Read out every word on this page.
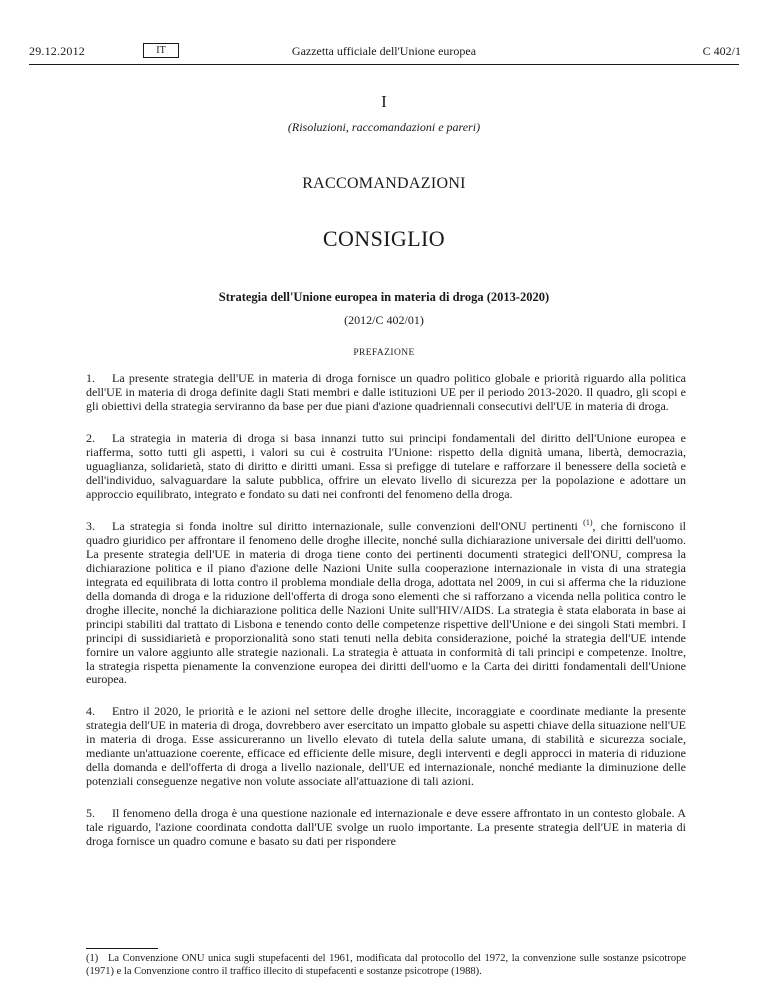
29.12.2012	IT	Gazzetta ufficiale dell'Unione europea	C 402/1
I
(Risoluzioni, raccomandazioni e pareri)
RACCOMANDAZIONI
CONSIGLIO
Strategia dell'Unione europea in materia di droga (2013-2020)
(2012/C 402/01)
PREFAZIONE
1. La presente strategia dell'UE in materia di droga fornisce un quadro politico globale e priorità riguardo alla politica dell'UE in materia di droga definite dagli Stati membri e dalle istituzioni UE per il periodo 2013-2020. Il quadro, gli scopi e gli obiettivi della strategia serviranno da base per due piani d'azione quadriennali consecutivi dell'UE in materia di droga.
2. La strategia in materia di droga si basa innanzi tutto sui principi fondamentali del diritto dell'Unione europea e riafferma, sotto tutti gli aspetti, i valori su cui è costruita l'Unione: rispetto della dignità umana, libertà, democrazia, uguaglianza, solidarietà, stato di diritto e diritti umani. Essa si prefigge di tutelare e rafforzare il benessere della società e dell'individuo, salvaguardare la salute pubblica, offrire un elevato livello di sicurezza per la popolazione e adottare un approccio equilibrato, integrato e fondato su dati nei confronti del fenomeno della droga.
3. La strategia si fonda inoltre sul diritto internazionale, sulle convenzioni dell'ONU pertinenti $^{(1)}$, che forniscono il quadro giuridico per affrontare il fenomeno delle droghe illecite, nonché sulla dichiarazione universale dei diritti dell'uomo. La presente strategia dell'UE in materia di droga tiene conto dei pertinenti documenti strategici dell'ONU, compresa la dichiarazione politica e il piano d'azione delle Nazioni Unite sulla cooperazione internazionale in vista di una strategia integrata ed equilibrata di lotta contro il problema mondiale della droga, adottata nel 2009, in cui si afferma che la riduzione della domanda di droga e la riduzione dell'offerta di droga sono elementi che si rafforzano a vicenda nella politica contro le droghe illecite, nonché la dichiarazione politica delle Nazioni Unite sull'HIV/AIDS. La strategia è stata elaborata in base ai principi stabiliti dal trattato di Lisbona e tenendo conto delle competenze rispettive dell'Unione e dei singoli Stati membri. I principi di sussidiarietà e proporzionalità sono stati tenuti nella debita considerazione, poiché la strategia dell'UE intende fornire un valore aggiunto alle strategie nazionali. La strategia è attuata in conformità di tali principi e competenze. Inoltre, la strategia rispetta pienamente la convenzione europea dei diritti dell'uomo e la Carta dei diritti fondamentali dell'Unione europea.
4. Entro il 2020, le priorità e le azioni nel settore delle droghe illecite, incoraggiate e coordinate mediante la presente strategia dell'UE in materia di droga, dovrebbero aver esercitato un impatto globale su aspetti chiave della situazione nell'UE in materia di droga. Esse assicureranno un livello elevato di tutela della salute umana, di stabilità e sicurezza sociale, mediante un'attuazione coerente, efficace ed efficiente delle misure, degli interventi e degli approcci in materia di riduzione della domanda e dell'offerta di droga a livello nazionale, dell'UE ed internazionale, nonché mediante la diminuzione delle potenziali conseguenze negative non volute associate all'attuazione di tali azioni.
5. Il fenomeno della droga è una questione nazionale ed internazionale e deve essere affrontato in un contesto globale. A tale riguardo, l'azione coordinata condotta dall'UE svolge un ruolo importante. La presente strategia dell'UE in materia di droga fornisce un quadro comune e basato su dati per rispondere
(1) La Convenzione ONU unica sugli stupefacenti del 1961, modificata dal protocollo del 1972, la convenzione sulle sostanze psicotrope (1971) e la Convenzione contro il traffico illecito di stupefacenti e sostanze psicotrope (1988).
